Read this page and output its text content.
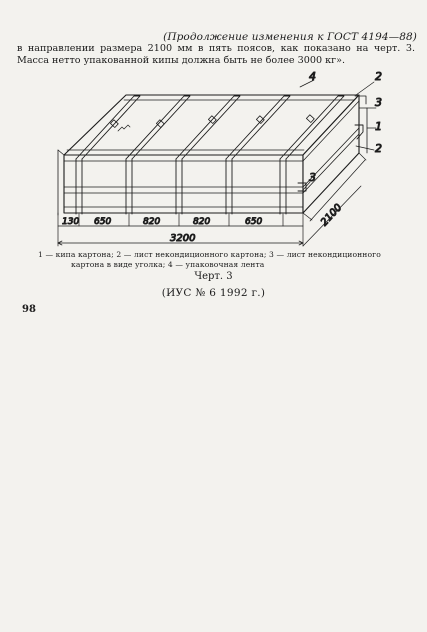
(Продолжение изменения к ГОСТ 4194—88)
в направлении размера 2100 мм в пять поясов, как показано на черт. 3. Масса нетто упакованной кипы должна быть не более 3000 кг».
4	2
3
1
2
3
130 650	820	820	650
3200
2100
1 — кипа картона; 2 — лист некондиционного картона; 3 — лист некондиционного
картона в виде уголка; 4 — упаковочная лента
Черт. 3
(ИУС № 6 1992 г.)
98
